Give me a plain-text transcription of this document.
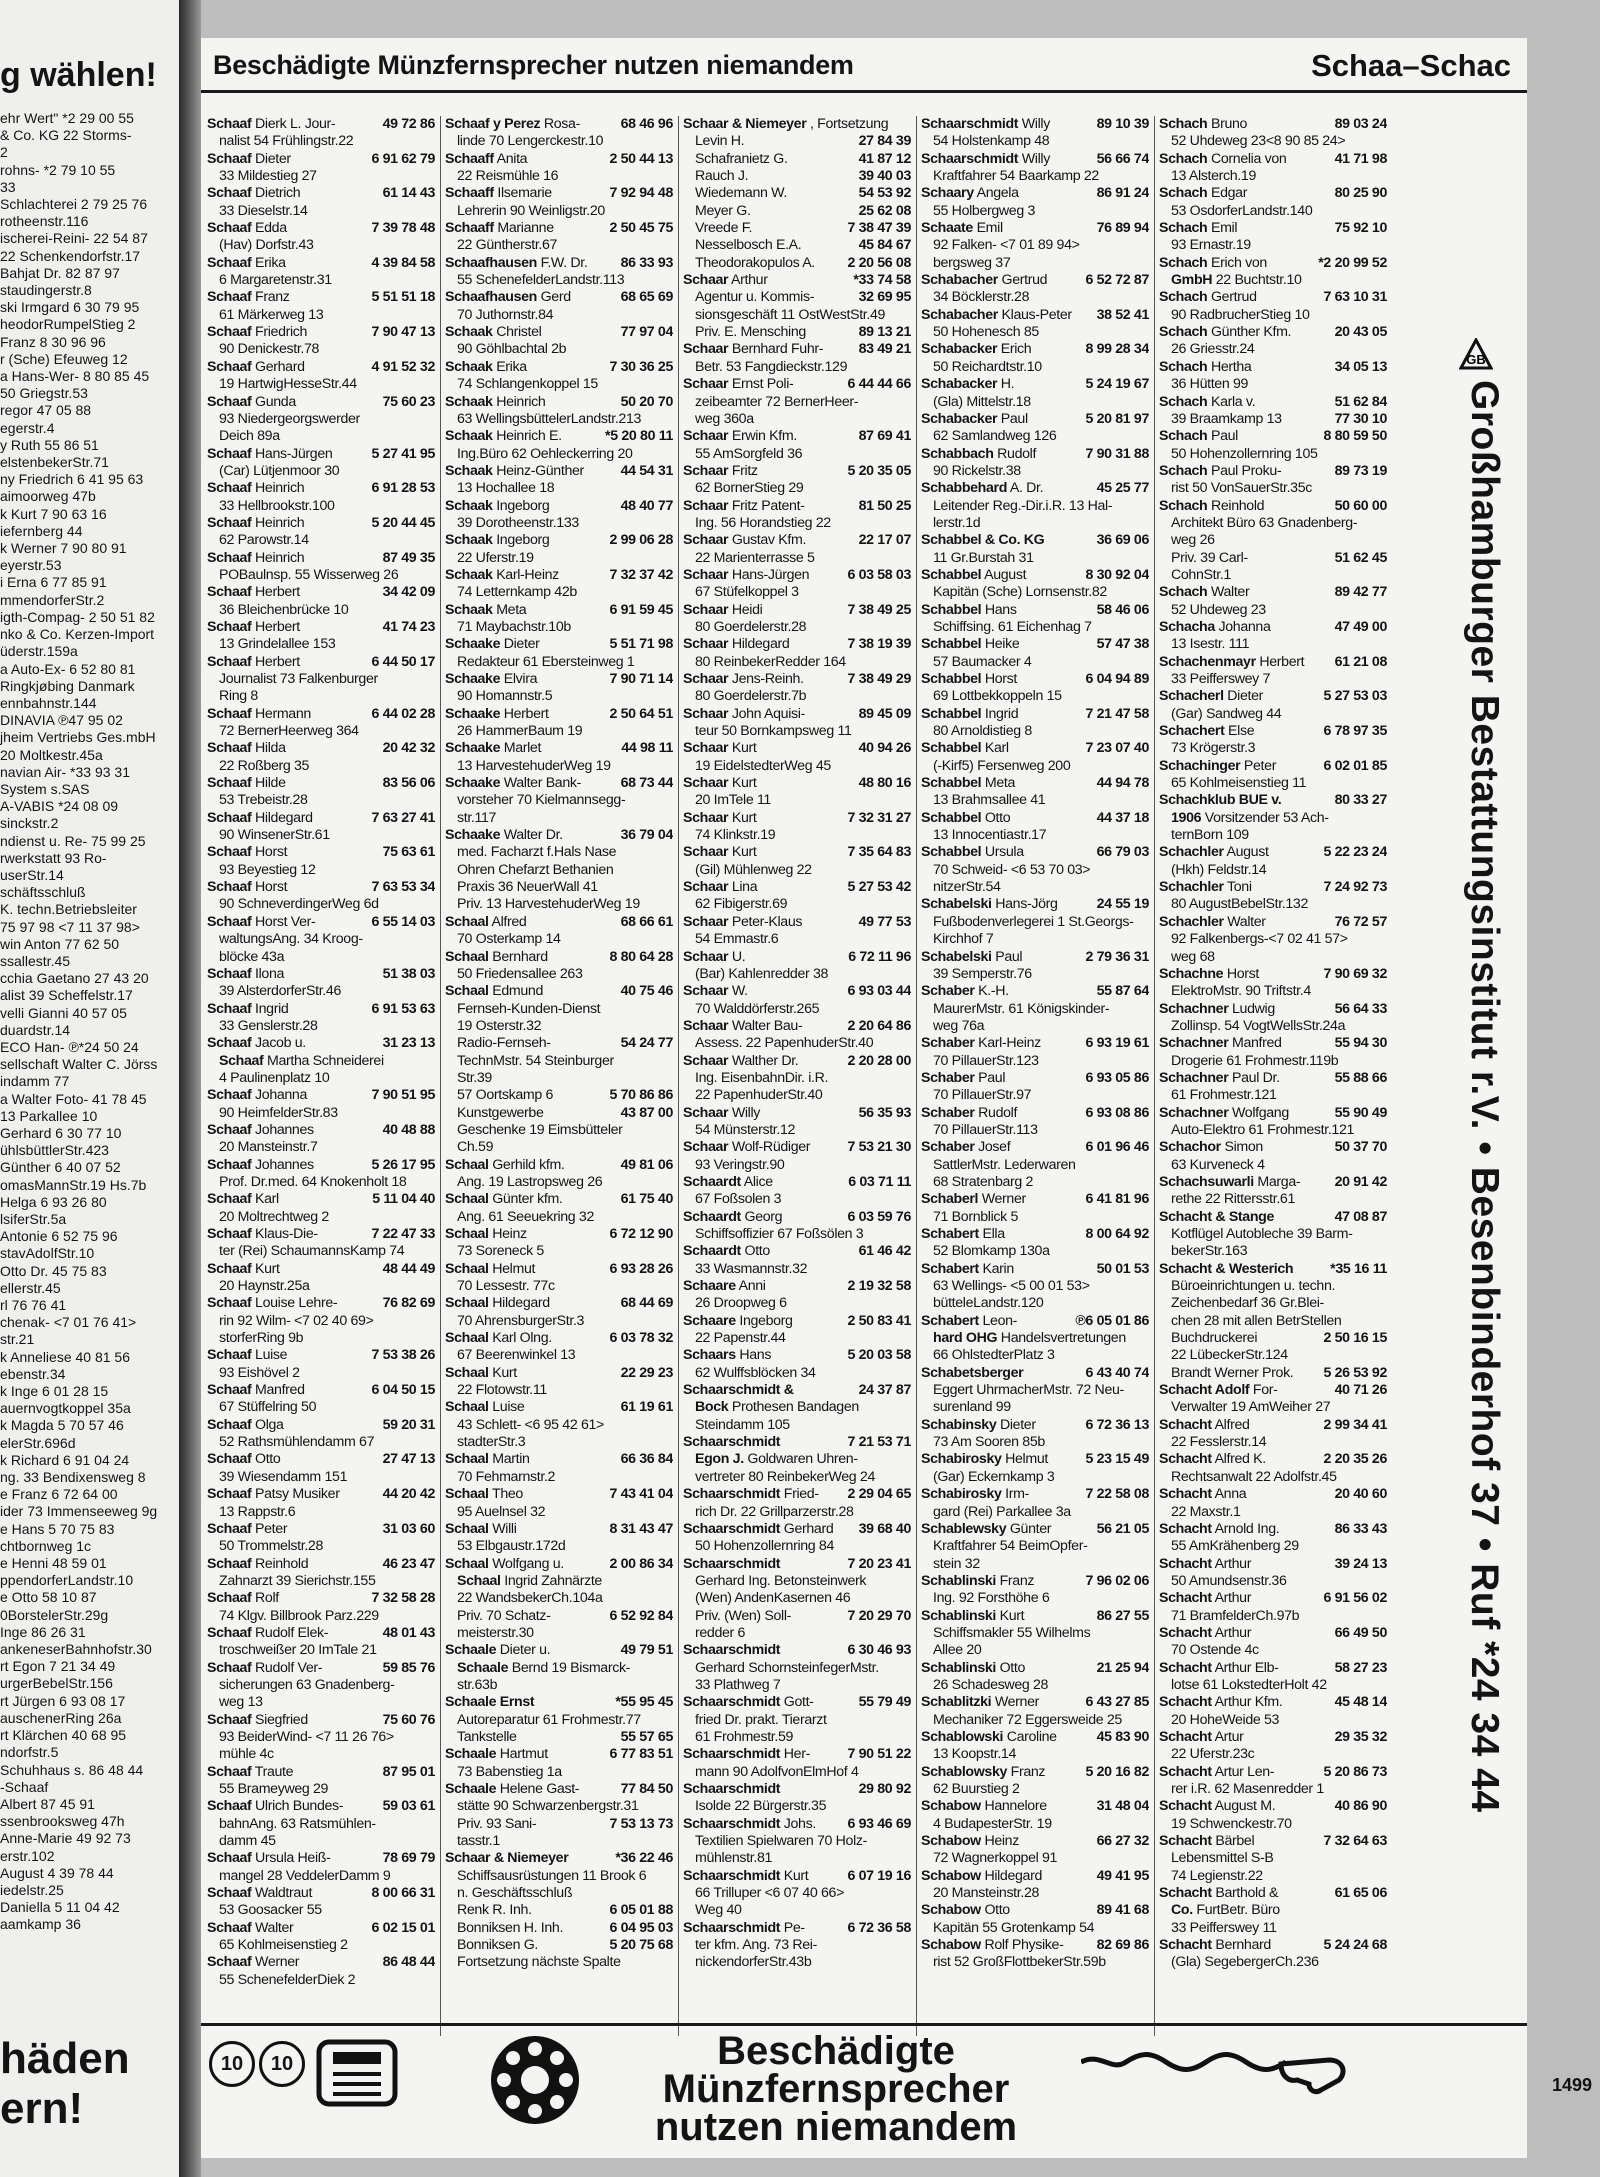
g wählen!
ehr Wert" *2 29 00 55
& Co. KG 22 Storms-
2
rohns- *2 79 10 55
33
Schlachterei 2 79 25 76
rotheenstr.116
ischerei-Reini- 22 54 87
22 Schenkendorfstr.17
Bahjat Dr. 82 87 97
staudingerstr.8
ski Irmgard 6 30 79 95
heodorRumpelStieg 2
Franz 8 30 96 96
r (Sche) Efeuweg 12
a Hans-Wer- 8 80 85 45
50 Griegstr.53
regor 47 05 88
egerstr.4
y Ruth 55 86 51
elstenbekerStr.71
ny Friedrich 6 41 95 63
aimoorweg 47b
k Kurt 7 90 63 16
iefernberg 44
k Werner 7 90 80 91
eyerstr.53
i Erna 6 77 85 91
mmendorferStr.2
igth-Compag- 2 50 51 82
nko & Co. Kerzen-Import
üderstr.159a
a Auto-Ex- 6 52 80 81
Ringkjøbing Danmark
ennbahnstr.144
DINAVIA ℗47 95 02
jheim Vertriebs Ges.mbH
20 Moltkestr.45a
navian Air- *33 93 31
System s.SAS
A-VABIS *24 08 09
sinckstr.2
ndienst u. Re- 75 99 25
rwerkstatt 93 Ro-
userStr.14
schäftsschluß
K. techn.Betriebsleiter
75 97 98 <7 11 37 98>
win Anton 77 62 50
ssallestr.45
cchia Gaetano 27 43 20
alist 39 Scheffelstr.17
velli Gianni 40 57 05
duardstr.14
ECO Han- ℗*24 50 24
sellschaft Walter C. Jörss
indamm 77
a Walter Foto- 41 78 45
13 Parkallee 10
Gerhard 6 30 77 10
ühlsbüttlerStr.423
Günther 6 40 07 52
omasMannStr.19 Hs.7b
Helga 6 93 26 80
lsiferStr.5a
Antonie 6 52 75 96
stavAdolfStr.10
Otto Dr. 45 75 83
ellerstr.45
rl 76 76 41
chenak- <7 01 76 41>
str.21
k Anneliese 40 81 56
ebenstr.34
k Inge 6 01 28 15
auernvogtkoppel 35a
k Magda 5 70 57 46
elerStr.696d
k Richard 6 91 04 24
ng. 33 Bendixensweg 8
e Franz 6 72 64 00
ider 73 Immenseeweg 9g
e Hans 5 70 75 83
chtbornweg 1c
e Henni 48 59 01
ppendorferLandstr.10
e Otto 58 10 87
0BorstelerStr.29g
Inge 86 26 31
ankeneserBahnhofstr.30
rt Egon 7 21 34 49
urgerBebelStr.156
rt Jürgen 6 93 08 17
auschenerRing 26a
rt Klärchen 40 68 95
ndorfstr.5
Schuhhaus s. 86 48 44
-Schaaf
Albert 87 45 91
ssenbrooksweg 47h
Anne-Marie 49 92 73
erstr.102
August 4 39 78 44
iedelstr.25
Daniella 5 11 04 42
aamkamp 36
häden
ern!
Beschädigte Münzfernsprecher nutzen niemandem	Schaa–Schac
Schaaf Dierk L. Jour-	49 72 86
nalist 54 Frühlingstr.22
Schaaf Dieter	6 91 62 79
33 Mildestieg 27
Schaaf Dietrich	61 14 43
33 Dieselstr.14
Schaaf Edda	7 39 78 48
(Hav) Dorfstr.43
Schaaf Erika	4 39 84 58
6 Margaretenstr.31
Schaaf Franz	5 51 51 18
61 Märkerweg 13
Schaaf Friedrich	7 90 47 13
90 Denickestr.78
Schaaf Gerhard	4 91 52 32
19 HartwigHesseStr.44
Schaaf Gunda	75 60 23
93 Niedergeorgswerder
Deich 89a
Schaaf Hans-Jürgen	5 27 41 95
(Car) Lütjenmoor 30
Schaaf Heinrich	6 91 28 53
33 Hellbrookstr.100
Schaaf Heinrich	5 20 44 45
62 Parowstr.14
Schaaf Heinrich	87 49 35
POBaulnsp. 55 Wisserweg 26
Schaaf Herbert	34 42 09
36 Bleichenbrücke 10
Schaaf Herbert	41 74 23
13 Grindelallee 153
Schaaf Herbert	6 44 50 17
Journalist 73 Falkenburger
Ring 8
Schaaf Hermann	6 44 02 28
72 BernerHeerweg 364
Schaaf Hilda	20 42 32
22 Roßberg 35
Schaaf Hilde	83 56 06
53 Trebeistr.28
Schaaf Hildegard	7 63 27 41
90 WinsenerStr.61
Schaaf Horst	75 63 61
93 Beyestieg 12
Schaaf Horst	7 63 53 34
90 SchneverdingerWeg 6d
Schaaf Horst Ver-	6 55 14 03
waltungsAng. 34 Kroog-
blöcke 43a
Schaaf Ilona	51 38 03
39 AlsterdorferStr.46
Schaaf Ingrid	6 91 53 63
33 Genslerstr.28
Schaaf Jacob u.	31 23 13
Schaaf Martha Schneiderei
4 Paulinenplatz 10
Schaaf Johanna	7 90 51 95
90 HeimfelderStr.83
Schaaf Johannes	40 48 88
20 Mansteinstr.7
Schaaf Johannes	5 26 17 95
Prof. Dr.med. 64 Knokenholt 18
Schaaf Karl	5 11 04 40
20 Moltrechtweg 2
Schaaf Klaus-Die-	7 22 47 33
ter (Rei) SchaumannsKamp 74
Schaaf Kurt	48 44 49
20 Haynstr.25a
Schaaf Louise Lehre-	76 82 69
rin 92 Wilm- <7 02 40 69>
storferRing 9b
Schaaf Luise	7 53 38 26
93 Eishövel 2
Schaaf Manfred	6 04 50 15
67 Stüffelring 50
Schaaf Olga	59 20 31
52 Rathsmühlendamm 67
Schaaf Otto	27 47 13
39 Wiesendamm 151
Schaaf Patsy Musiker	44 20 42
13 Rappstr.6
Schaaf Peter	31 03 60
50 Trommelstr.28
Schaaf Reinhold	46 23 47
Zahnarzt 39 Sierichstr.155
Schaaf Rolf	7 32 58 28
74 Klgv. Billbrook Parz.229
Schaaf Rudolf Elek-	48 01 43
troschweißer 20 ImTale 21
Schaaf Rudolf Ver-	59 85 76
sicherungen 63 Gnadenberg-
weg 13
Schaaf Siegfried	75 60 76
93 BeiderWind- <7 11 26 76>
mühle 4c
Schaaf Traute	87 95 01
55 Brameyweg 29
Schaaf Ulrich Bundes-	59 03 61
bahnAng. 63 Ratsmühlen-
damm 45
Schaaf Ursula Heiß-	78 69 79
mangel 28 VeddelerDamm 9
Schaaf Waldtraut	8 00 66 31
53 Goosacker 55
Schaaf Walter	6 02 15 01
65 Kohlmeisenstieg 2
Schaaf Werner	86 48 44
55 SchenefelderDiek 2
Schaaf y Perez Rosa-	68 46 96
linde 70 Lengerckestr.10
Schaaff Anita	2 50 44 13
22 Reismühle 16
Schaaff Ilsemarie	7 92 94 48
Lehrerin 90 Weinligstr.20
Schaaff Marianne	2 50 45 75
22 Güntherstr.67
Schaafhausen F.W. Dr. 86 33 93
55 SchenefelderLandstr.113
Schaafhausen Gerd	68 65 69
70 Juthornstr.84
Schaak Christel	77 97 04
90 Göhlbachtal 2b
Schaak Erika	7 30 36 25
74 Schlangenkoppel 15
Schaak Heinrich	50 20 70
63 WellingsbüttelerLandstr.213
Schaak Heinrich E.	*5 20 80 11
Ing.Büro 62 Oehleckerring 20
Schaak Heinz-Günther	44 54 31
13 Hochallee 18
Schaak Ingeborg	48 40 77
39 Dorotheenstr.133
Schaak Ingeborg	2 99 06 28
22 Uferstr.19
Schaak Karl-Heinz	7 32 37 42
74 Letternkamp 42b
Schaak Meta	6 91 59 45
71 Maybachstr.10b
Schaake Dieter	5 51 71 98
Redakteur 61 Ebersteinweg 1
Schaake Elvira	7 90 71 14
90 Homannstr.5
Schaake Herbert	2 50 64 51
26 HammerBaum 19
Schaake Marlet	44 98 11
13 HarvestehuderWeg 19
Schaake Walter Bank-	68 73 44
vorsteher 70 Kielmannsegg-
str.117
Schaake Walter Dr.	36 79 04
med. Facharzt f.Hals Nase
Ohren Chefarzt Bethanien
Praxis 36 NeuerWall 41
Priv. 13 HarvestehuderWeg 19
Schaal Alfred	68 66 61
70 Osterkamp 14
Schaal Bernhard	8 80 64 28
50 Friedensallee 263
Schaal Edmund	40 75 46
Fernseh-Kunden-Dienst
19 Osterstr.32
Radio-Fernseh-	54 24 77
TechnMstr. 54 Steinburger
Str.39
57 Oortskamp 6	5 70 86 86
Kunstgewerbe	43 87 00
Geschenke 19 Eimsbütteler
Ch.59
Schaal Gerhild kfm.	49 81 06
Ang. 19 Lastropsweg 26
Schaal Günter kfm.	61 75 40
Ang. 61 Seeuekring 32
Schaal Heinz	6 72 12 90
73 Soreneck 5
Schaal Helmut	6 93 28 26
70 Lessestr. 77c
Schaal Hildegard	68 44 69
70 AhrensburgerStr.3
Schaal Karl Olng.	6 03 78 32
67 Beerenwinkel 13
Schaal Kurt	22 29 23
22 Flotowstr.11
Schaal Luise	61 19 61
43 Schlett- <6 95 42 61>
stadterStr.3
Schaal Martin	66 36 84
70 Fehmarnstr.2
Schaal Theo	7 43 41 04
95 Auelnsel 32
Schaal Willi	8 31 43 47
53 Elbgaustr.172d
Schaal Wolfgang u.	2 00 86 34
Schaal Ingrid Zahnärzte
22 WandsbekerCh.104a
Priv. 70 Schatz-	6 52 92 84
meisterstr.30
Schaale Dieter u.	49 79 51
Schaale Bernd 19 Bismarck-
str.63b
Schaale Ernst	*55 95 45
Autoreparatur 61 Frohmestr.77
Tankstelle	55 57 65
Schaale Hartmut	6 77 83 51
73 Babenstieg 1a
Schaale Helene Gast-	77 84 50
stätte 90 Schwarzenbergstr.31
Priv. 93 Sani-	7 53 13 73
tasstr.1
Schaar & Niemeyer	*36 22 46
Schiffsausrüstungen 11 Brook 6
n. Geschäftsschluß
Renk R. Inh.	6 05 01 88
Bonniksen H. Inh.	6 04 95 03
Bonniksen G.	5 20 75 68
Fortsetzung nächste Spalte
Schaar & Niemeyer , Fortsetzung
Levin H.	27 84 39
Schafranietz G.	41 87 12
Rauch J.	39 40 03
Wiedemann W.	54 53 92
Meyer G.	25 62 08
Vreede F.	7 38 47 39
Nesselbosch E.A.	45 84 67
Theodorakopulos A. 2 20 56 08
Schaar Arthur	*33 74 58
Agentur u. Kommis-	32 69 95
sionsgeschäft 11 OstWestStr.49
Priv. E. Mensching	89 13 21
Schaar Bernhard Fuhr- 83 49 21
Betr. 53 Fangdieckstr.129
Schaar Ernst Poli-	6 44 44 66
zeibeamter 72 BernerHeer-
weg 360a
Schaar Erwin Kfm.	87 69 41
55 AmSorgfeld 36
Schaar Fritz	5 20 35 05
62 BornerStieg 29
Schaar Fritz Patent-	81 50 25
Ing. 56 Horandstieg 22
Schaar Gustav Kfm.	22 17 07
22 Marienterrasse 5
Schaar Hans-Jürgen	6 03 58 03
67 Stüfelkoppel 3
Schaar Heidi	7 38 49 25
80 Goerdelerstr.28
Schaar Hildegard	7 38 19 39
80 ReinbekerRedder 164
Schaar Jens-Reinh.	7 38 49 29
80 Goerdelerstr.7b
Schaar John Aquisi-	89 45 09
teur 50 Bornkampsweg 11
Schaar Kurt	40 94 26
19 EidelstedterWeg 45
Schaar Kurt	48 80 16
20 ImTele 11
Schaar Kurt	7 32 31 27
74 Klinkstr.19
Schaar Kurt	7 35 64 83
(Gil) Mühlenweg 22
Schaar Lina	5 27 53 42
62 Fibigerstr.69
Schaar Peter-Klaus	49 77 53
54 Emmastr.6
Schaar U.	6 72 11 96
(Bar) Kahlenredder 38
Schaar W.	6 93 03 44
70 Walddörferstr.265
Schaar Walter Bau-	2 20 64 86
Assess. 22 PapenhuderStr.40
Schaar Walther Dr.	2 20 28 00
Ing. EisenbahnDir. i.R.
22 PapenhuderStr.40
Schaar Willy	56 35 93
54 Münsterstr.12
Schaar Wolf-Rüdiger	7 53 21 30
93 Veringstr.90
Schaardt Alice	6 03 71 11
67 Foßsolen 3
Schaardt Georg	6 03 59 76
Schiffsoffizier 67 Foßsölen 3
Schaardt Otto	61 46 42
33 Wasmannstr.32
Schaare Anni	2 19 32 58
26 Droopweg 6
Schaare Ingeborg	2 50 83 41
22 Papenstr.44
Schaars Hans	5 20 03 58
62 Wulffsblöcken 34
Schaarschmidt &	24 37 87
Bock Prothesen Bandagen
Steindamm 105
Schaarschmidt	7 21 53 71
Egon J. Goldwaren Uhren-
vertreter 80 ReinbekerWeg 24
Schaarschmidt Fried- 2 29 04 65
rich Dr. 22 Grillparzerstr.28
Schaarschmidt Gerhard 39 68 40
50 Hohenzollernring 84
Schaarschmidt	7 20 23 41
Gerhard Ing. Betonsteinwerk
(Wen) AndenKasernen 46
Priv. (Wen) Soll-	7 20 29 70
redder 6
Schaarschmidt	6 30 46 93
Gerhard SchornsteinfegerMstr.
33 Plathweg 7
Schaarschmidt Gott-	55 79 49
fried Dr. prakt. Tierarzt
61 Frohmestr.59
Schaarschmidt Her-	7 90 51 22
mann 90 AdolfvonElmHof 4
Schaarschmidt	29 80 92
Isolde 22 Bürgerstr.35
Schaarschmidt Johs. 6 93 46 69
Textilien Spielwaren 70 Holz-
mühlenstr.81
Schaarschmidt Kurt	6 07 19 16
66 Trilluper <6 07 40 66>
Weg 40
Schaarschmidt Pe-	6 72 36 58
ter kfm. Ang. 73 Rei-
nickendorferStr.43b
Schaarschmidt Willy	89 10 39
54 Holstenkamp 48
Schaarschmidt Willy	56 66 74
Kraftfahrer 54 Baarkamp 22
Schaary Angela	86 91 24
55 Holbergweg 3
Schaate Emil	76 89 94
92 Falken- <7 01 89 94>
bergsweg 37
Schabacher Gertrud	6 52 72 87
34 Böcklerstr.28
Schabacher Klaus-Peter 38 52 41
50 Hohenesch 85
Schabacker Erich	8 99 28 34
50 Reichardtstr.10
Schabacker H.	5 24 19 67
(Gla) Mittelstr.18
Schabacker Paul	5 20 81 97
62 Samlandweg 126
Schabbach Rudolf	7 90 31 88
90 Rickelstr.38
Schabbehard A. Dr.	45 25 77
Leitender Reg.-Dir.i.R. 13 Hal-
lerstr.1d
Schabbel & Co. KG	36 69 06
11 Gr.Burstah 31
Schabbel August	8 30 92 04
Kapitän (Sche) Lornsenstr.82
Schabbel Hans	58 46 06
Schiffsing. 61 Eichenhag 7
Schabbel Heike	57 47 38
57 Baumacker 4
Schabbel Horst	6 04 94 89
69 Lottbekkoppeln 15
Schabbel Ingrid	7 21 47 58
80 Arnoldistieg 8
Schabbel Karl	7 23 07 40
(-Kirf5) Fersenweg 200
Schabbel Meta	44 94 78
13 Brahmsallee 41
Schabbel Otto	44 37 18
13 Innocentiastr.17
Schabbel Ursula	66 79 03
70 Schweid- <6 53 70 03>
nitzerStr.54
Schabelski Hans-Jörg	24 55 19
Fußbodenverlegerei 1 St.Georgs-
Kirchhof 7
Schabelski Paul	2 79 36 31
39 Semperstr.76
Schaber K.-H.	55 87 64
MaurerMstr. 61 Königskinder-
weg 76a
Schaber Karl-Heinz	6 93 19 61
70 PillauerStr.123
Schaber Paul	6 93 05 86
70 PillauerStr.97
Schaber Rudolf	6 93 08 86
70 PillauerStr.113
Schaber Josef	6 01 96 46
SattlerMstr. Lederwaren
68 Stratenbarg 2
Schaberl Werner	6 41 81 96
71 Bornblick 5
Schabert Ella	8 00 64 92
52 Blomkamp 130a
Schabert Karin	50 01 53
63 Wellings- <5 00 01 53>
bütteleLandstr.120
Schabert Leon-	℗6 05 01 86
hard OHG Handelsvertretungen
66 OhlstedterPlatz 3
Schabetsberger	6 43 40 74
Eggert UhrmacherMstr. 72 Neu-
surenland 99
Schabinsky Dieter	6 72 36 13
73 Am Sooren 85b
Schabirosky Helmut	5 23 15 49
(Gar) Eckernkamp 3
Schabirosky Irm-	7 22 58 08
gard (Rei) Parkallee 3a
Schablewsky Günter	56 21 05
Kraftfahrer 54 BeimOpfer-
stein 32
Schablinski Franz	7 96 02 06
Ing. 92 Forsthöhe 6
Schablinski Kurt	86 27 55
Schiffsmakler 55 Wilhelms
Allee 20
Schablinski Otto	21 25 94
26 Schadesweg 28
Schablitzki Werner	6 43 27 85
Mechaniker 72 Eggersweide 25
Schablowski Caroline	45 83 90
13 Koopstr.14
Schablowsky Franz	5 20 16 82
62 Buurstieg 2
Schabow Hannelore	31 48 04
4 BudapesterStr. 19
Schabow Heinz	66 27 32
72 Wagnerkoppel 91
Schabow Hildegard	49 41 95
20 Mansteinstr.28
Schabow Otto	89 41 68
Kapitän 55 Grotenkamp 54
Schabow Rolf Physike- 82 69 86
rist 52 GroßFlottbekerStr.59b
Schach Bruno	89 03 24
52 Uhdeweg 23<8 90 85 24>
Schach Cornelia von	41 71 98
13 Alsterch.19
Schach Edgar	80 25 90
53 OsdorferLandstr.140
Schach Emil	75 92 10
93 Ernastr.19
Schach Erich von	*2 20 99 52
GmbH 22 Buchtstr.10
Schach Gertrud	7 63 10 31
90 RadbrucherStieg 10
Schach Günther Kfm.	20 43 05
26 Griesstr.24
Schach Hertha	34 05 13
36 Hütten 99
Schach Karla v.	51 62 84
39 Braamkamp 13	77 30 10
Schach Paul	8 80 59 50
50 Hohenzollernring 105
Schach Paul Proku-	89 73 19
rist 50 VonSauerStr.35c
Schach Reinhold	50 60 00
Architekt Büro 63 Gnadenberg-
weg 26
Priv. 39 Carl-	51 62 45
CohnStr.1
Schach Walter	89 42 77
52 Uhdeweg 23
Schacha Johanna	47 49 00
13 Isestr. 111
Schachenmayr Herbert 61 21 08
33 Peifferswey 7
Schacherl Dieter	5 27 53 03
(Gar) Sandweg 44
Schachert Else	6 78 97 35
73 Krögerstr.3
Schachinger Peter	6 02 01 85
65 Kohlmeisenstieg 11
Schachklub BUE v.	80 33 27
1906 Vorsitzender 53 Ach-
ternBorn 109
Schachler August	5 22 23 24
(Hkh) Feldstr.14
Schachler Toni	7 24 92 73
80 AugustBebelStr.132
Schachler Walter	76 72 57
92 Falkenbergs-<7 02 41 57>
weg 68
Schachne Horst	7 90 69 32
ElektroMstr. 90 Triftstr.4
Schachner Ludwig	56 64 33
Zollinsp. 54 VogtWellsStr.24a
Schachner Manfred	55 94 30
Drogerie 61 Frohmestr.119b
Schachner Paul Dr.	55 88 66
61 Frohmestr.121
Schachner Wolfgang	55 90 49
Auto-Elektro 61 Frohmestr.121
Schachor Simon	50 37 70
63 Kurveneck 4
Schachsuwarli Marga- 20 91 42
rethe 22 Rittersstr.61
Schacht & Stange	47 08 87
Kotflügel Autobleche 39 Barm-
bekerStr.163
Schacht & Westerich	*35 16 11
Büroeinrichtungen u. techn.
Zeichenbedarf 36 Gr.Blei-
chen 28 mit allen BetrStellen
Buchdruckerei	2 50 16 15
22 LübeckerStr.124
Brandt Werner Prok. 5 26 53 92
Schacht Adolf For-	40 71 26
Verwalter 19 AmWeiher 27
Schacht Alfred	2 99 34 41
22 Fesslerstr.14
Schacht Alfred K.	2 20 35 26
Rechtsanwalt 22 Adolfstr.45
Schacht Anna	20 40 60
22 Maxstr.1
Schacht Arnold Ing.	86 33 43
55 AmKrähenberg 29
Schacht Arthur	39 24 13
50 Amundsenstr.36
Schacht Arthur	6 91 56 02
71 BramfelderCh.97b
Schacht Arthur	66 49 50
70 Ostende 4c
Schacht Arthur Elb-	58 27 23
lotse 61 LokstedterHolt 42
Schacht Arthur Kfm.	45 48 14
20 HoheWeide 53
Schacht Artur	29 35 32
22 Uferstr.23c
Schacht Artur Len-	5 20 86 73
rer i.R. 62 Masenredder 1
Schacht August M.	40 86 90
19 Schwenckestr.70
Schacht Bärbel	7 32 64 63
Lebensmittel S-B
74 Legienstr.22
Schacht Barthold &	61 65 06
Co. FurtBetr. Büro
33 Peifferswey 11
Schacht Bernhard	5 24 24 68
(Gla) SegebergerCh.236
GB
Großhamburger Bestattungsinstitut r.V. • Besenbinderhof 37 • Ruf *24 34 44
10	10	Beschädigte
Münzfernsprecher
nutzen niemandem
1499
